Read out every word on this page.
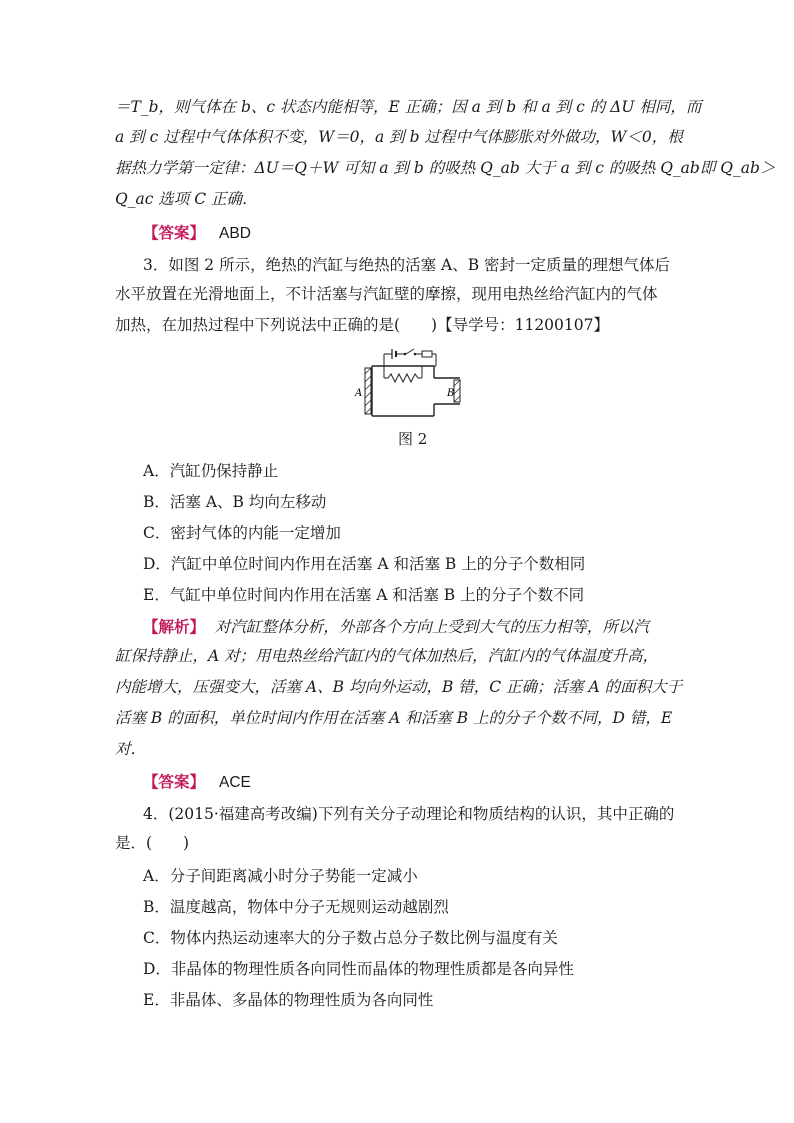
＝T_b，则气体在 b、c 状态内能相等，E 正确；因 a 到 b 和 a 到 c 的 ΔU 相同，而
a 到 c 过程中气体体积不变，W＝0，a 到 b 过程中气体膨胀对外做功，W＜0，根
据热力学第一定律：ΔU＝Q＋W 可知 a 到 b 的吸热 Q_ab 大于 a 到 c 的吸热 Q_ab即 Q_ab＞
Q_ac 选项 C 正确．
【答案】 ABD
3．如图 2 所示，绝热的汽缸与绝热的活塞 A、B 密封一定质量的理想气体后
水平放置在光滑地面上，不计活塞与汽缸壁的摩擦，现用电热丝给汽缸内的气体
加热，在加热过程中下列说法中正确的是(　　)【导学号：11200107】
A	B
图 2
A．汽缸仍保持静止
B．活塞 A、B 均向左移动
C．密封气体的内能一定增加
D．汽缸中单位时间内作用在活塞 A 和活塞 B 上的分子个数相同
E．气缸中单位时间内作用在活塞 A 和活塞 B 上的分子个数不同
【解析】 对汽缸整体分析，外部各个方向上受到大气的压力相等，所以汽
缸保持静止，A 对；用电热丝给汽缸内的气体加热后，汽缸内的气体温度升高，
内能增大，压强变大，活塞 A、B 均向外运动，B 错，C 正确；活塞 A 的面积大于
活塞 B 的面积，单位时间内作用在活塞 A 和活塞 B 上的分子个数不同，D 错，E
对．
【答案】 ACE
4．(2015·福建高考改编)下列有关分子动理论和物质结构的认识，其中正确的
是．(　　)
A．分子间距离减小时分子势能一定减小
B．温度越高，物体中分子无规则运动越剧烈
C．物体内热运动速率大的分子数占总分子数比例与温度有关
D．非晶体的物理性质各向同性而晶体的物理性质都是各向异性
E．非晶体、多晶体的物理性质为各向同性
